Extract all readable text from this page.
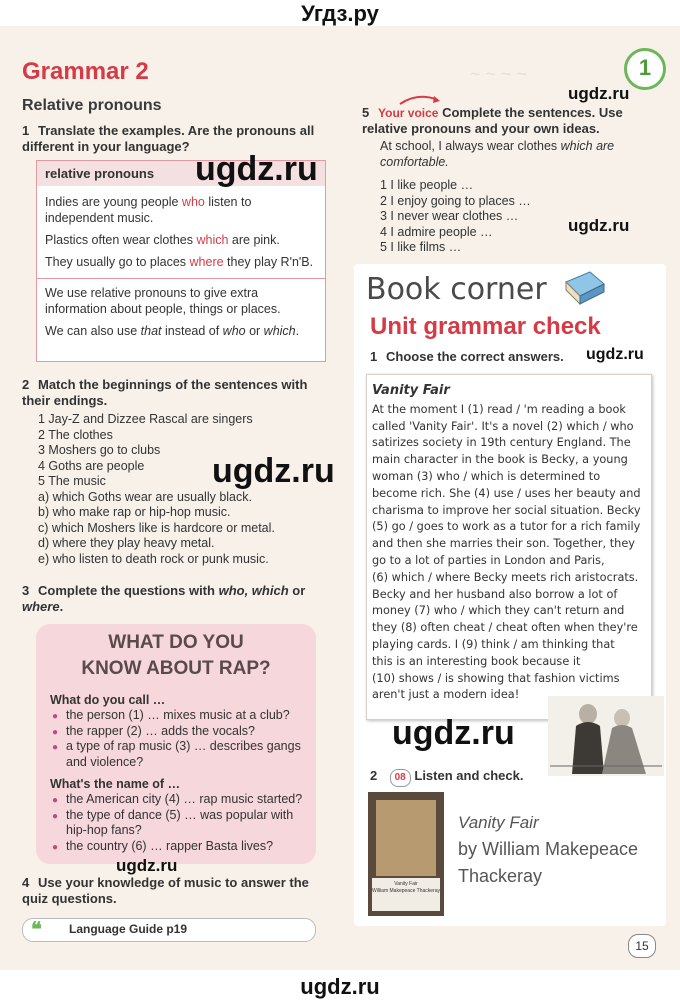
Угдз.ру
~ ~ ~ ~	1
Grammar 2
Relative pronouns
1 Translate the examples. Are the pronouns all different in your language?
relative pronouns
Indies are young people who listen to independent music.
Plastics often wear clothes which are pink.
They usually go to places where they play R'n'B.
We use relative pronouns to give extra information about people, things or places.
We can also use that instead of who or which.
2 Match the beginnings of the sentences with their endings.
1 Jay-Z and Dizzee Rascal are singers
2 The clothes
3 Moshers go to clubs
4 Goths are people
5 The music
a) which Goths wear are usually black.
b) who make rap or hip-hop music.
c) which Moshers like is hardcore or metal.
d) where they play heavy metal.
e) who listen to death rock or punk music.
3 Complete the questions with who, which or where.
WHAT DO YOU
KNOW ABOUT RAP?
What do you call …
● the person (1) … mixes music at a club?
● the rapper (2) … adds the vocals?
● a type of rap music (3) … describes gangs and violence?
What's the name of …
● the American city (4) … rap music started?
● the type of dance (5) … was popular with hip-hop fans?
● the country (6) … rapper Basta lives?
4 Use your knowledge of music to answer the quiz questions.
❝ Language Guide p19
5 Your voice Complete the sentences. Use relative pronouns and your own ideas.
At school, I always wear clothes which are comfortable.
1 I like people …
2 I enjoy going to places …
3 I never wear clothes …
4 I admire people …
5 I like films …
Book corner
Unit grammar check
1 Choose the correct answers.

Vanity Fair

At the moment I (1) read / 'm reading a book

called 'Vanity Fair'. It's a novel (2) which / who

satirizes society in 19th century England. The

main character in the book is Becky, a young

woman (3) who / which is determined to

become rich. She (4) use / uses her beauty and

charisma to improve her social situation. Becky

(5) go / goes to work as a tutor for a rich family

and then she marries their son. Together, they

go to a lot of parties in London and Paris,

(6) which / where Becky meets rich aristocrats.

Becky and her husband also borrow a lot of

money (7) who / which they can't return and

they (8) often cheat / cheat often when they're

playing cards. I (9) think / am thinking that

this is an interesting book because it

(10) shows / is showing that fashion victims

aren't just a modern idea!

2 08 Listen and check.
Vanity Fair
William Makepeace Thackeray
Vanity Fair
by William Makepeace
Thackeray
15
ugdz.ru
ugdz.ru
ugdz.ru
ugdz.ru
ugdz.ru
ugdz.ru
ugdz.ru
ugdz.ru
